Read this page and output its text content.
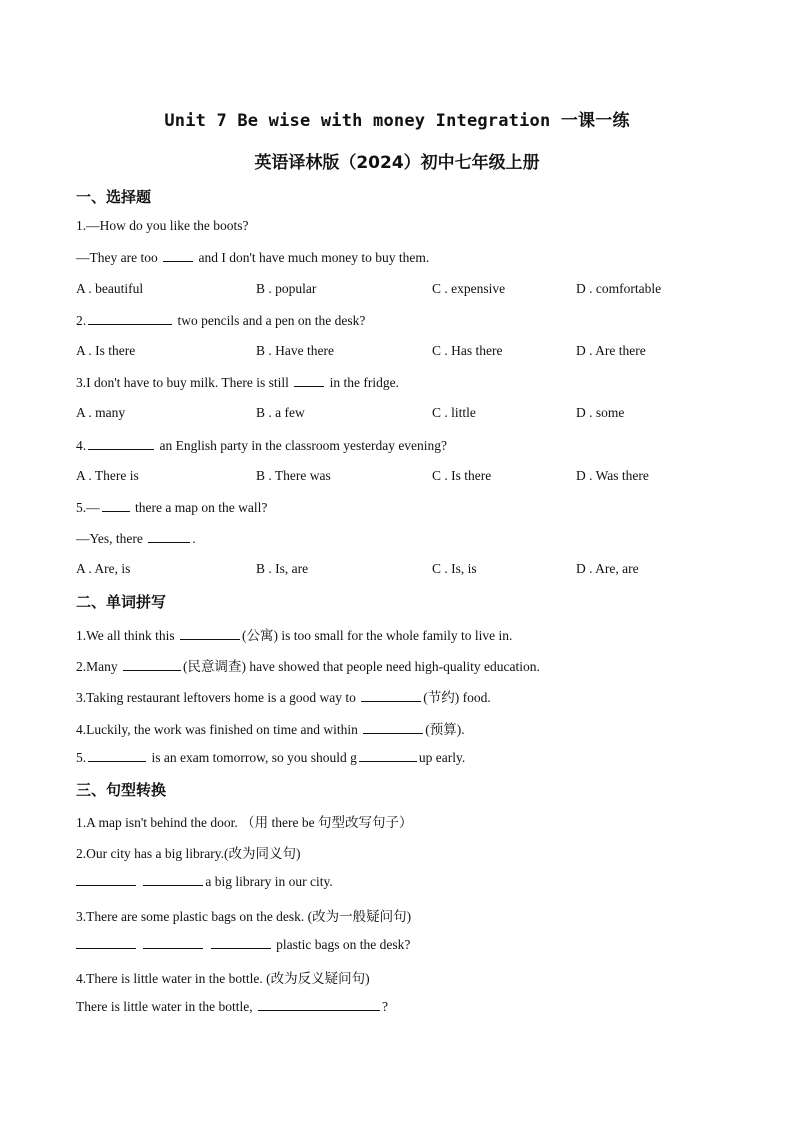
Unit 7 Be wise with money Integration 一课一练
英语译林版（2024）初中七年级上册
一、选择题
1.—How do you like the boots?
—They are too	and I don't have much money to buy them.
A . beautiful	B . popular	C . expensive	D . comfortable
2.	two pencils and a pen on the desk?
A . Is there	B . Have there	C . Has there	D . Are there
3.I don't have to buy milk. There is still	in the fridge.
A . many	B . a few	C . little	D . some
4.	an English party in the classroom yesterday evening?
A . There is	B . There was	C . Is there	D . Was there
5.—	there a map on the wall?
—Yes, there	.
A . Are, is	B . Is, are	C . Is, is	D . Are, are
二、单词拼写
1.We all think this	(公寓) is too small for the whole family to live in.
2.Many	(民意调查) have showed that people need high-quality education.
3.Taking restaurant leftovers home is a good way to	(节约) food.
4.Luckily, the work was finished on time and within	(预算).
5.	is an exam tomorrow, so you should g	up early.
三、句型转换
1.A map isn't behind the door. （用 there be 句型改写句子）
2.Our city has a big library.(改为同义句)
a big library in our city.
3.There are some plastic bags on the desk. (改为一般疑问句)
plastic bags on the desk?
4.There is little water in the bottle. (改为反义疑问句)
There is little water in the bottle,	?
